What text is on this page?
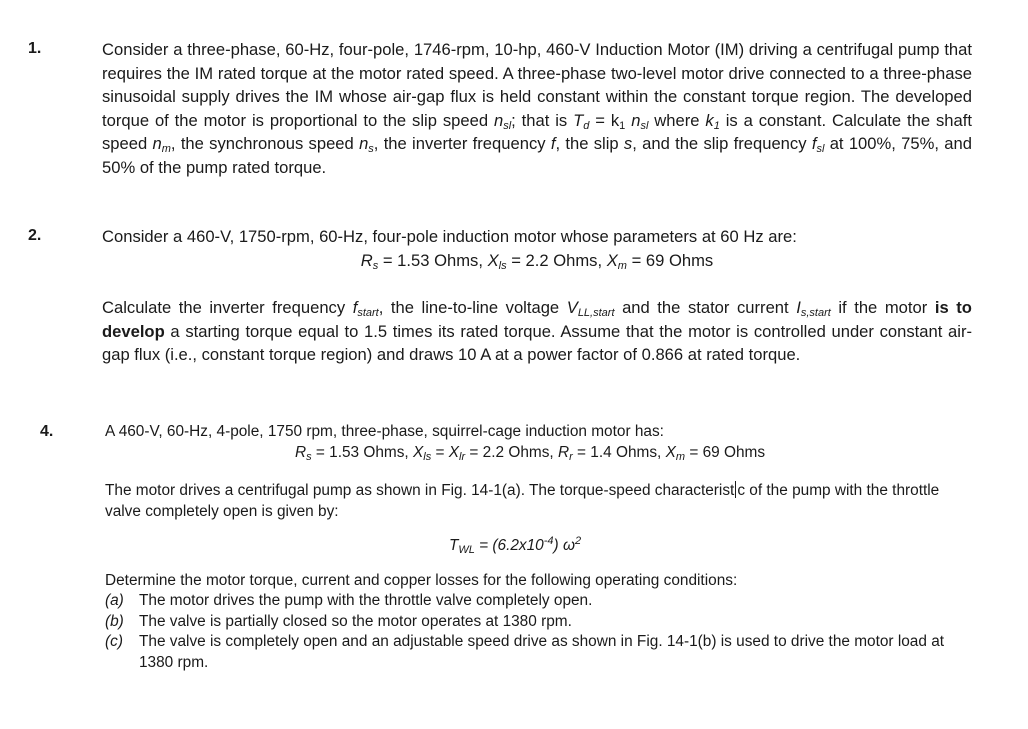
1.	Consider a three-phase, 60-Hz, four-pole, 1746-rpm, 10-hp, 460-V Induction Motor (IM) driving a centrifugal pump that requires the IM rated torque at the motor rated speed. A three-phase two-level motor drive connected to a three-phase sinusoidal supply drives the IM whose air-gap flux is held constant within the constant torque region. The developed torque of the motor is proportional to the slip speed $n_{sl}$; that is $T_d = k_1$ $n_{sl}$ where $k_1$ is a constant. Calculate the shaft speed $n_m$, the synchronous speed $n_s$, the inverter frequency f, the slip s, and the slip frequency $f_{sl}$ at 100%, 75%, and 50% of the pump rated torque.

2.	Consider a 460-V, 1750-rpm, 60-Hz, four-pole induction motor whose parameters at 60 Hz are:

$R_s = 1.53$ Ohms, $X_{ls} = 2.2$ Ohms, $X_m = 69$ Ohms

Calculate the inverter frequency $f_{start}$, the line-to-line voltage $V_{LL,start}$ and the stator current $I_{s,start}$ if the motor is to develop a starting torque equal to 1.5 times its rated torque. Assume that the motor is controlled under constant air-gap flux (i.e., constant torque region) and draws 10 A at a power factor of 0.866 at rated torque.

4.	A 460-V, 60-Hz, 4-pole, 1750 rpm, three-phase, squirrel-cage induction motor has:

$R_s = 1.53$ Ohms, $X_{ls} = X_{lr} = 2.2$ Ohms, $R_r = 1.4$ Ohms, $X_m = 69$ Ohms

The motor drives a centrifugal pump as shown in Fig. 14-1(a). The torque-speed characterist c of the pump with the throttle valve completely open is given by:

$T_{WL} = (6.2x10^{-4})$ $\omega^2$

Determine the motor torque, current and copper losses for the following operating conditions:

(a) The motor drives the pump with the throttle valve completely open.
(b) The valve is partially closed so the motor operates at 1380 rpm.
(c) The valve is completely open and an adjustable speed drive as shown in Fig. 14-1(b) is used to drive the motor load at 1380 rpm.
